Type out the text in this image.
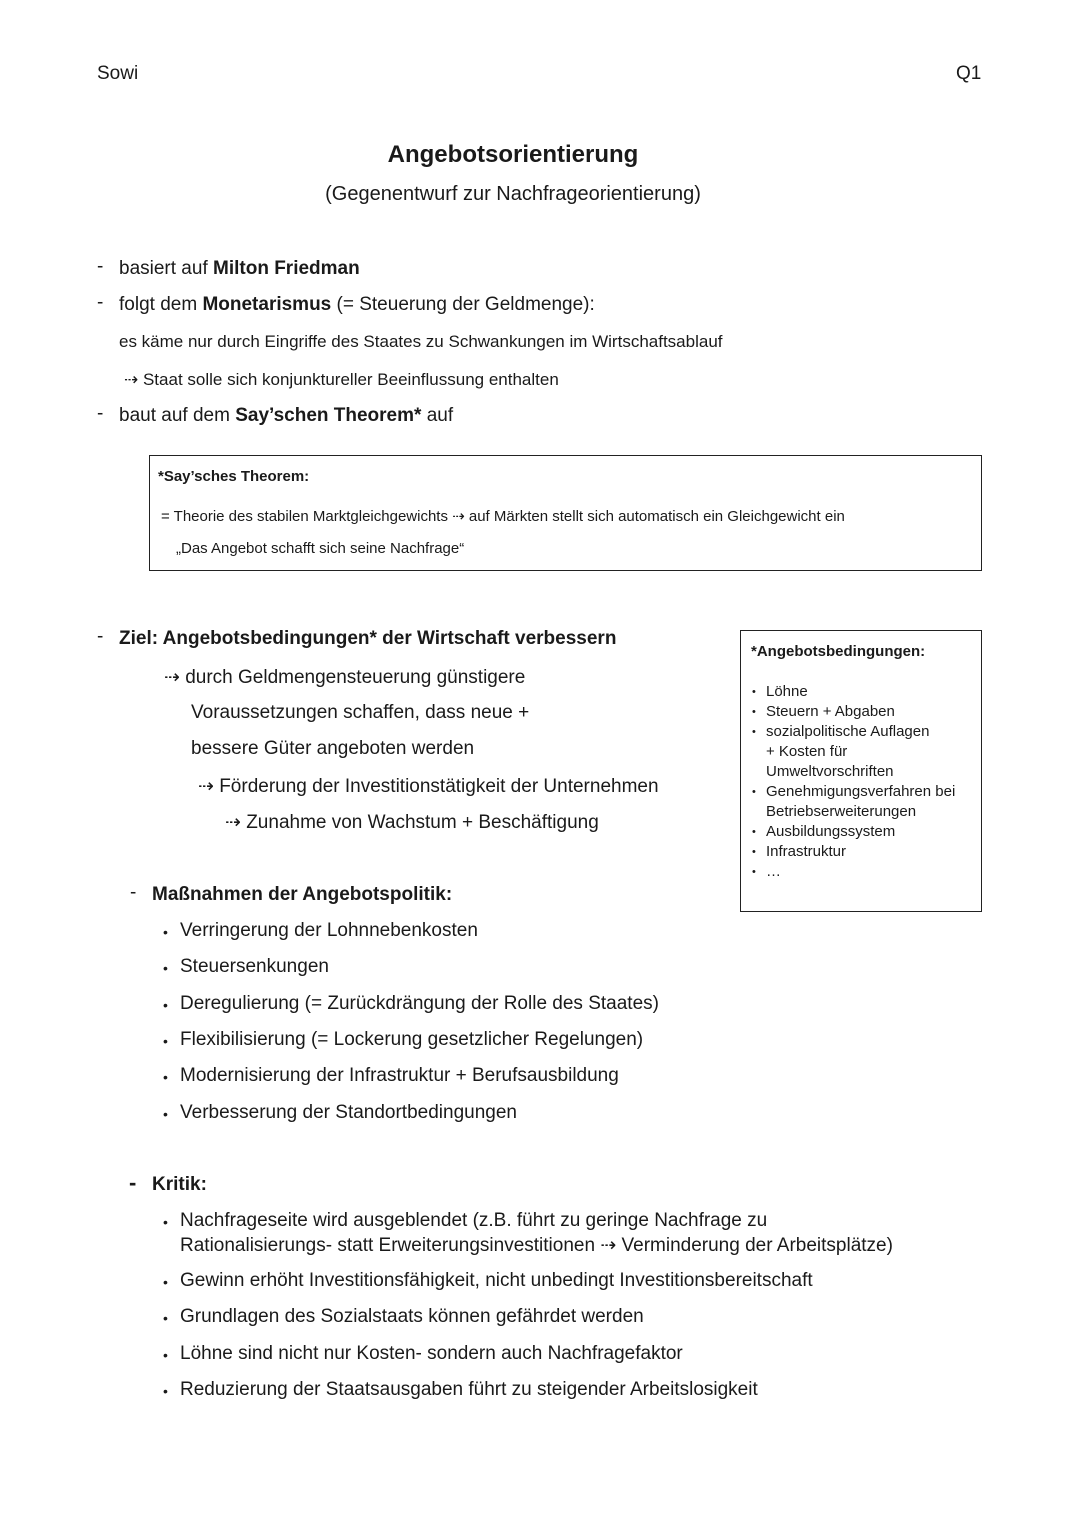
Sowi	Q1
Angebotsorientierung
(Gegenentwurf zur Nachfrageorientierung)
- basiert auf Milton Friedman
- folgt dem Monetarismus (= Steuerung der Geldmenge):
es käme nur durch Eingriffe des Staates zu Schwankungen im Wirtschaftsablauf
⇢ Staat solle sich konjunktureller Beeinflussung enthalten
- baut auf dem Say’schen Theorem* auf
*Say’sches Theorem:
= Theorie des stabilen Marktgleichgewichts ⇢ auf Märkten stellt sich automatisch ein Gleichgewicht ein
„Das Angebot schafft sich seine Nachfrage“
- Ziel: Angebotsbedingungen* der Wirtschaft verbessern
⇢ durch Geldmengensteuerung günstigere
Voraussetzungen schaffen, dass neue +
bessere Güter angeboten werden
⇢ Förderung der Investitionstätigkeit der Unternehmen
⇢ Zunahme von Wachstum + Beschäftigung
*Angebotsbedingungen:
• Löhne
• Steuern + Abgaben
• sozialpolitische Auflagen + Kosten für Umweltvorschriften
• Genehmigungsverfahren bei Betriebserweiterungen
• Ausbildungssystem
• Infrastruktur
• …
- Maßnahmen der Angebotspolitik:
• Verringerung der Lohnnebenkosten
• Steuersenkungen
• Deregulierung (= Zurückdrängung der Rolle des Staates)
• Flexibilisierung (= Lockerung gesetzlicher Regelungen)
• Modernisierung der Infrastruktur + Berufsausbildung
• Verbesserung der Standortbedingungen
- Kritik:
• Nachfrageseite wird ausgeblendet (z.B. führt zu geringe Nachfrage zu
Rationalisierungs- statt Erweiterungsinvestitionen ⇢ Verminderung der Arbeitsplätze)
• Gewinn erhöht Investitionsfähigkeit, nicht unbedingt Investitionsbereitschaft
• Grundlagen des Sozialstaats können gefährdet werden
• Löhne sind nicht nur Kosten- sondern auch Nachfragefaktor
• Reduzierung der Staatsausgaben führt zu steigender Arbeitslosigkeit
